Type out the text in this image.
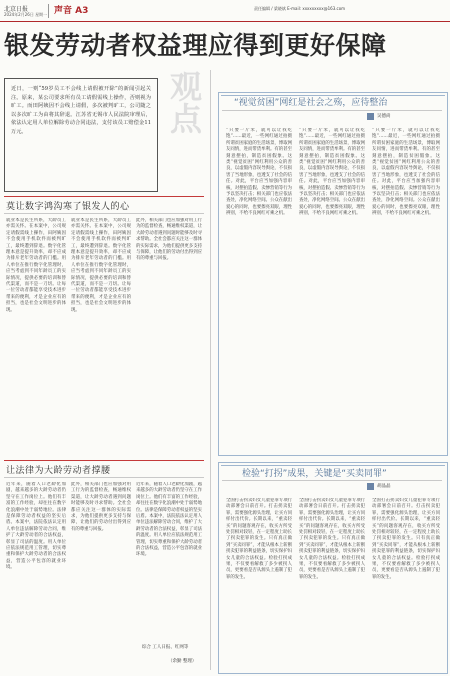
北京日报
2024年2月26日 星期一 声音 A3	责任编辑 / 梁晓斌 E-mail: xxxxxxxxx@163.com
银发劳动者权益理应得到更好保障
观点
近日，一则“59岁员工不会线上请假被开除”的新闻引起关注。原来，某公司要求所有员工请假需线上操作，否则视为旷工。而田阿姨因不会线上请假，多次被判旷工，公司随之以多次旷工为由将其辞退。江苏省无锡市人民法院审理后，依法认定用人单位解除劳动合同违法，支付该员工赔偿金11万元。
莫让数字鸿沟寒了银发人的心
就业本是民生所系，大龄员工亦需关怀。在本案中，公司规定请假需线上操作，田阿姨因不会使用手机软件而被判旷工，最终遭到辞退。数字化管理本意是提升效率，却不应成为排斥老年劳动者的门槛。用人单位在推行数字化管理时，应当考虑到不同年龄员工的实际情况，提供必要的培训和替代渠道，而不是一刀切。让每一位劳动者都能享受技术进步带来的便利，才是企业应有的担当，也是社会文明进步的体现。
就业本是民生所系，大龄员工亦需关怀。在本案中，公司规定请假需线上操作，田阿姨因不会使用手机软件而被判旷工，最终遭到辞退。数字化管理本意是提升效率，却不应成为排斥老年劳动者的门槛。用人单位在推行数字化管理时，应当考虑到不同年龄员工的实际情况，提供必要的培训和替代渠道，而不是一刀切。让每一位劳动者都能享受技术进步带来的便利，才是企业应有的担当，也是社会文明进步的体现。
此外，相关部门也应加强对用工行为的监督检查，畅通维权渠道，让大龄劳动者遇到问题时能够及时寻求帮助。全社会都应关注这一群体的实际需求，为他们提供更多支持与保障，让他们的劳动付出得到应有的尊重与回报。
让法律为大龄劳动者撑腰
近年来，随着人口老龄化加剧，越来越多的大龄劳动者仍坚守在工作岗位上。他们有丰富的工作经验，却往往在数字化浪潮中处于弱势地位。法律是保障劳动者权益的坚实后盾。本案中，法院依法认定用人单位违法解除劳动合同，维护了大龄劳动者的合法权益，彰显了司法的温度。用人单位应依法规范用工管理，切实尊重和保护大龄劳动者的合法权益，营造公平包容的就业环境。
此外，相关部门也应加强对用工行为的监督检查，畅通维权渠道，让大龄劳动者遇到问题时能够及时寻求帮助。全社会都应关注这一群体的实际需求，为他们提供更多支持与保障，让他们的劳动付出得到应有的尊重与回报。
近年来，随着人口老龄化加剧，越来越多的大龄劳动者仍坚守在工作岗位上。他们有丰富的工作经验，却往往在数字化浪潮中处于弱势地位。法律是保障劳动者权益的坚实后盾。本案中，法院依法认定用人单位违法解除劳动合同，维护了大龄劳动者的合法权益，彰显了司法的温度。用人单位应依法规范用工管理，切实尊重和保护大龄劳动者的合法权益，营造公平包容的就业环境。
综合 工人日报、红网等
（余勤 整理）
“视觉贫困”网红是社会之殇，应待整治
吴德尚
“只要一斤米，就可以让我吃饱”……最近，一些网红通过拍摄所谓贫困家庭的生活场景，博取网友同情，进而带货牟利。有的甚至刻意摆拍，制造贫困假象。这类“视觉贫困”网红利用公众的善良，以虚假内容误导舆论，不仅损害了当地形象，也透支了社会的信任。对此，平台应当加强内容审核，对摆拍造假、卖惨营销等行为予以坚决打击；相关部门也应依法查处，净化网络空间。公众在献出爱心的同时，也要擦亮双眼，理性辨别，不给不良网红可乘之机。
“只要一斤米，就可以让我吃饱”……最近，一些网红通过拍摄所谓贫困家庭的生活场景，博取网友同情，进而带货牟利。有的甚至刻意摆拍，制造贫困假象。这类“视觉贫困”网红利用公众的善良，以虚假内容误导舆论，不仅损害了当地形象，也透支了社会的信任。对此，平台应当加强内容审核，对摆拍造假、卖惨营销等行为予以坚决打击；相关部门也应依法查处，净化网络空间。公众在献出爱心的同时，也要擦亮双眼，理性辨别，不给不良网红可乘之机。
“只要一斤米，就可以让我吃饱”……最近，一些网红通过拍摄所谓贫困家庭的生活场景，博取网友同情，进而带货牟利。有的甚至刻意摆拍，制造贫困假象。这类“视觉贫困”网红利用公众的善良，以虚假内容误导舆论，不仅损害了当地形象，也透支了社会的信任。对此，平台应当加强内容审核，对摆拍造假、卖惨营销等行为予以坚决打击；相关部门也应依法查处，净化网络空间。公众在献出爱心的同时，也要擦亮双眼，理性辨别，不给不良网红可乘之机。
检验“打拐”成果，关键是“买卖同罪”
胡晶晶
全国打击拐卖妇女儿童犯罪专项行动部署会日前召开。打击拐卖犯罪，需要强化源头治理，让买方同样付出代价。长期以来，“重卖轻买”的问题客观存在，收买方所受处罚相对较轻，在一定程度上助长了拐卖犯罪的发生。只有真正做到“买卖同罪”，才能从根本上斩断拐卖犯罪的利益链条，切实保护妇女儿童的合法权益。检验打拐成果，不仅要看解救了多少被拐人员，更要看是否从源头上遏制了犯罪的发生。
全国打击拐卖妇女儿童犯罪专项行动部署会日前召开。打击拐卖犯罪，需要强化源头治理，让买方同样付出代价。长期以来，“重卖轻买”的问题客观存在，收买方所受处罚相对较轻，在一定程度上助长了拐卖犯罪的发生。只有真正做到“买卖同罪”，才能从根本上斩断拐卖犯罪的利益链条，切实保护妇女儿童的合法权益。检验打拐成果，不仅要看解救了多少被拐人员，更要看是否从源头上遏制了犯罪的发生。
全国打击拐卖妇女儿童犯罪专项行动部署会日前召开。打击拐卖犯罪，需要强化源头治理，让买方同样付出代价。长期以来，“重卖轻买”的问题客观存在，收买方所受处罚相对较轻，在一定程度上助长了拐卖犯罪的发生。只有真正做到“买卖同罪”，才能从根本上斩断拐卖犯罪的利益链条，切实保护妇女儿童的合法权益。检验打拐成果，不仅要看解救了多少被拐人员，更要看是否从源头上遏制了犯罪的发生。
